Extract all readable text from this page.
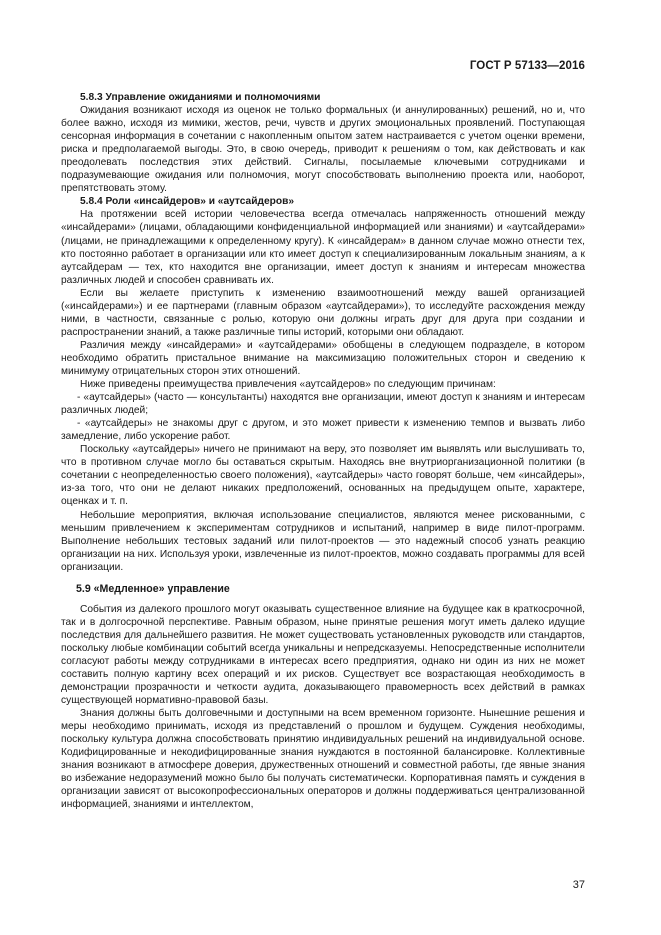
ГОСТ Р 57133—2016
5.8.3 Управление ожиданиями и полномочиями

Ожидания возникают исходя из оценок не только формальных (и аннулированных) решений, но и, что более важно, исходя из мимики, жестов, речи, чувств и других эмоциональных проявлений. Поступающая сенсорная информация в сочетании с накопленным опытом затем настраивается с учетом оценки времени, риска и предполагаемой выгоды. Это, в свою очередь, приводит к решениям о том, как действовать и как преодолевать последствия этих действий. Сигналы, посылаемые ключевыми сотрудниками и подразумевающие ожидания или полномочия, могут способствовать выполнению проекта или, наоборот, препятствовать этому.

5.8.4 Роли «инсайдеров» и «аутсайдеров»

На протяжении всей истории человечества всегда отмечалась напряженность отношений между «инсайдерами» (лицами, обладающими конфиденциальной информацией или знаниями) и «аутсайдерами» (лицами, не принадлежащими к определенному кругу). К «инсайдерам» в данном случае можно отнести тех, кто постоянно работает в организации или кто имеет доступ к специализированным локальным знаниям, а к аутсайдерам — тех, кто находится вне организации, имеет доступ к знаниям и интересам множества различных людей и способен сравнивать их.

Если вы желаете приступить к изменению взаимоотношений между вашей организацией («инсайдерами») и ее партнерами (главным образом «аутсайдерами»), то исследуйте расхождения между ними, в частности, связанные с ролью, которую они должны играть друг для друга при создании и распространении знаний, а также различные типы историй, которыми они обладают.

Различия между «инсайдерами» и «аутсайдерами» обобщены в следующем подразделе, в котором необходимо обратить пристальное внимание на максимизацию положительных сторон и сведению к минимуму отрицательных сторон этих отношений.

Ниже приведены преимущества привлечения «аутсайдеров» по следующим причинам:

- «аутсайдеры» (часто — консультанты) находятся вне организации, имеют доступ к знаниям и интересам различных людей;

- «аутсайдеры» не знакомы друг с другом, и это может привести к изменению темпов и вызвать либо замедление, либо ускорение работ.

Поскольку «аутсайдеры» ничего не принимают на веру, это позволяет им выявлять или выслушивать то, что в противном случае могло бы оставаться скрытым. Находясь вне внутриорганизационной политики (в сочетании с неопределенностью своего положения), «аутсайдеры» часто говорят больше, чем «инсайдеры», из-за того, что они не делают никаких предположений, основанных на предыдущем опыте, характере, оценках и т. п.

Небольшие мероприятия, включая использование специалистов, являются менее рискованными, с меньшим привлечением к экспериментам сотрудников и испытаний, например в виде пилот-программ. Выполнение небольших тестовых заданий или пилот-проектов — это надежный способ узнать реакцию организации на них. Используя уроки, извлеченные из пилот-проектов, можно создавать программы для всей организации.

5.9 «Медленное» управление

События из далекого прошлого могут оказывать существенное влияние на будущее как в краткосрочной, так и в долгосрочной перспективе. Равным образом, ныне принятые решения могут иметь далеко идущие последствия для дальнейшего развития. Не может существовать установленных руководств или стандартов, поскольку любые комбинации событий всегда уникальны и непредсказуемы. Непосредственные исполнители согласуют работы между сотрудниками в интересах всего предприятия, однако ни один из них не может составить полную картину всех операций и их рисков. Существует все возрастающая необходимость в демонстрации прозрачности и четкости аудита, доказывающего правомерность всех действий в рамках существующей нормативно-правовой базы.

Знания должны быть долговечными и доступными на всем временном горизонте. Нынешние решения и меры необходимо принимать, исходя из представлений о прошлом и будущем. Суждения необходимы, поскольку культура должна способствовать принятию индивидуальных решений на индивидуальной основе. Кодифицированные и некодифицированные знания нуждаются в постоянной балансировке. Коллективные знания возникают в атмосфере доверия, дружественных отношений и совместной работы, где явные знания во избежание недоразумений можно было бы получать систематически. Корпоративная память и суждения в организации зависят от высокопрофессиональных операторов и должны поддерживаться централизованной информацией, знаниями и интеллектом,

37
